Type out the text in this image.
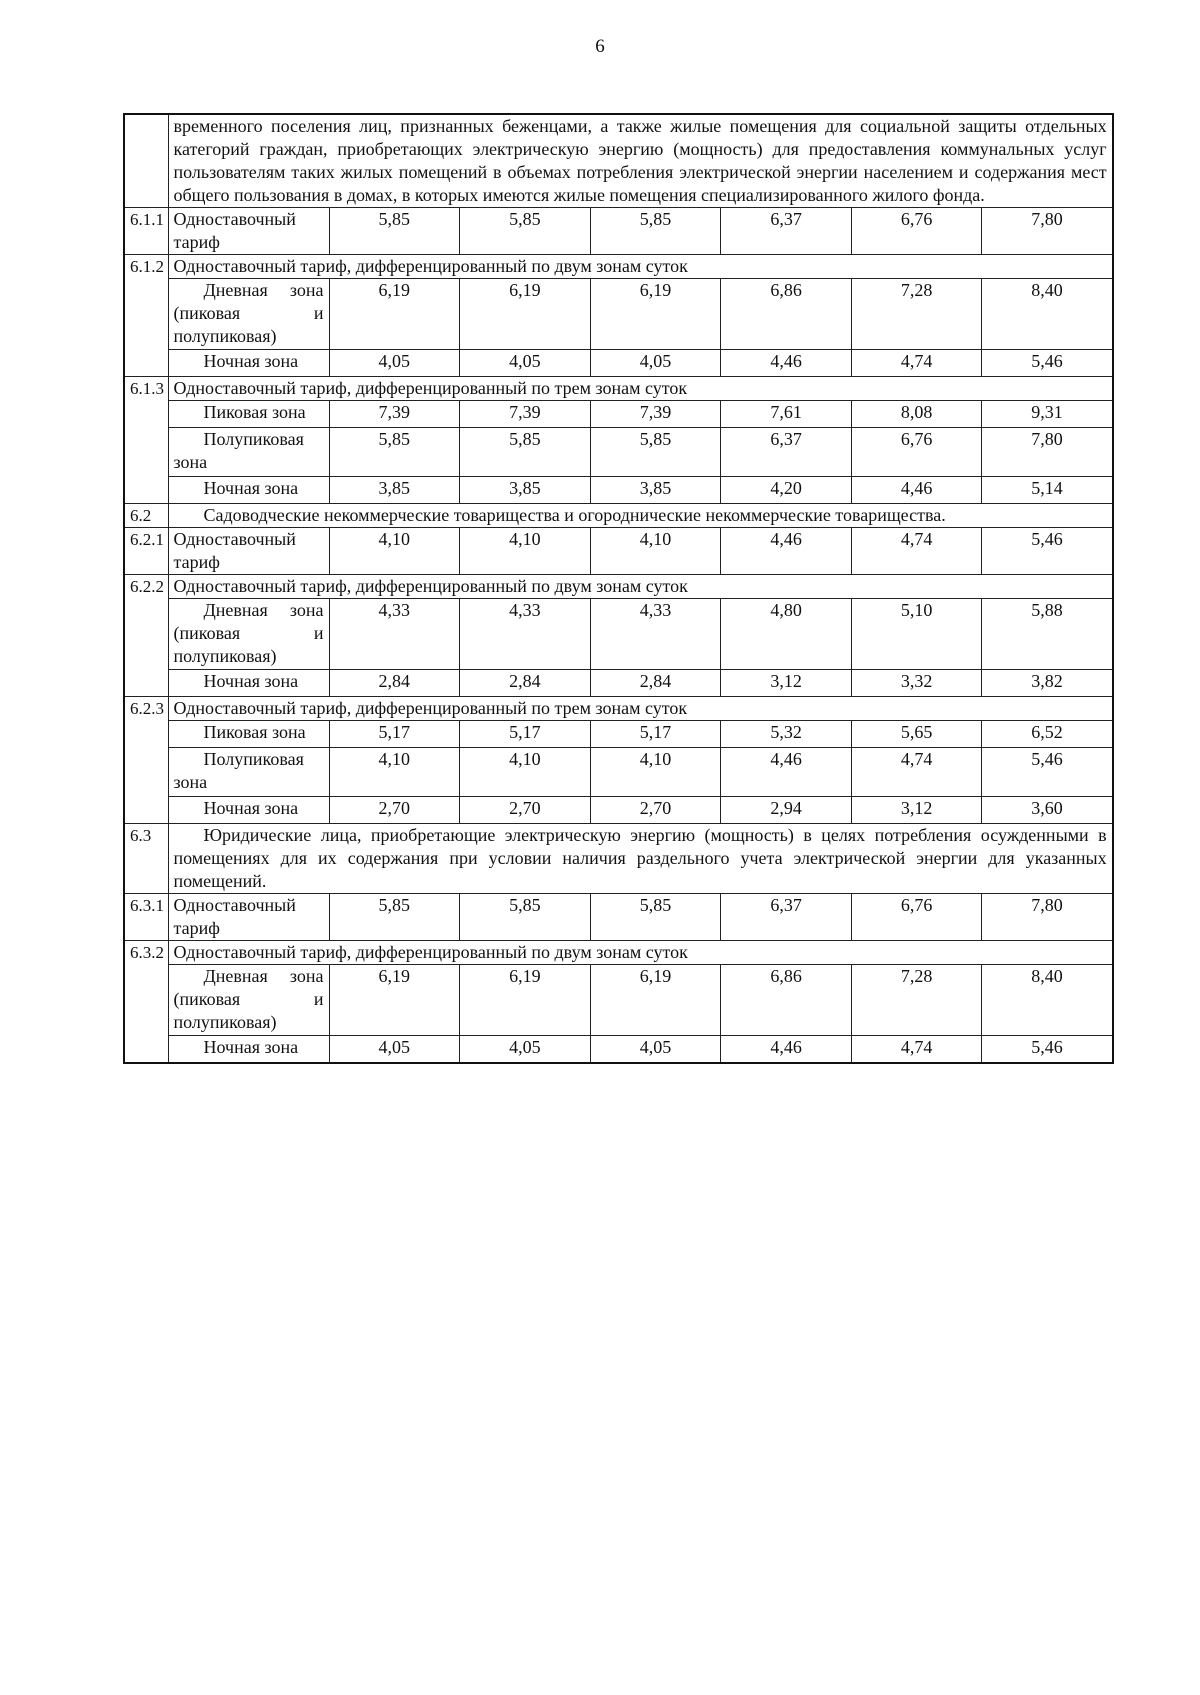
6
	временного поселения лиц, признанных беженцами, а также жилые помещения для социальной защиты отдельных категорий граждан, приобретающих электрическую энергию (мощность) для предоставления коммунальных услуг пользователям таких жилых помещений в объемах потребления электрической энергии населением и содержания мест общего пользования в домах, в которых имеются жилые помещения специализированного жилого фонда.						
6.1.1	Одноставочный тариф	5,85	5,85	5,85	6,37	6,76	7,80
6.1.2	Одноставочный тариф, дифференцированный по двум зонам суток						
	Дневная зона (пиковая и полупиковая)	6,19	6,19	6,19	6,86	7,28	8,40
	Ночная зона	4,05	4,05	4,05	4,46	4,74	5,46
6.1.3	Одноставочный тариф, дифференцированный по трем зонам суток						
	Пиковая зона	7,39	7,39	7,39	7,61	8,08	9,31
	Полупиковая зона	5,85	5,85	5,85	6,37	6,76	7,80
	Ночная зона	3,85	3,85	3,85	4,20	4,46	5,14
6.2	Садоводческие некоммерческие товарищества и огороднические некоммерческие товарищества.						
6.2.1	Одноставочный тариф	4,10	4,10	4,10	4,46	4,74	5,46
6.2.2	Одноставочный тариф, дифференцированный по двум зонам суток						
	Дневная зона (пиковая и полупиковая)	4,33	4,33	4,33	4,80	5,10	5,88
	Ночная зона	2,84	2,84	2,84	3,12	3,32	3,82
6.2.3	Одноставочный тариф, дифференцированный по трем зонам суток						
	Пиковая зона	5,17	5,17	5,17	5,32	5,65	6,52
	Полупиковая зона	4,10	4,10	4,10	4,46	4,74	5,46
	Ночная зона	2,70	2,70	2,70	2,94	3,12	3,60
6.3	Юридические лица, приобретающие электрическую энергию (мощность) в целях потребления осужденными в помещениях для их содержания при условии наличия раздельного учета электрической энергии для указанных помещений.						
6.3.1	Одноставочный тариф	5,85	5,85	5,85	6,37	6,76	7,80
6.3.2	Одноставочный тариф, дифференцированный по двум зонам суток						
	Дневная зона (пиковая и полупиковая)	6,19	6,19	6,19	6,86	7,28	8,40
	Ночная зона	4,05	4,05	4,05	4,46	4,74	5,46
